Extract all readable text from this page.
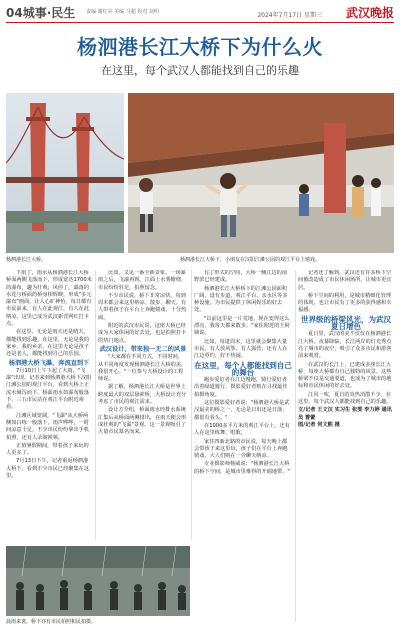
04城事·民生 责编 谢红亮 美编 马超 校对 刘明	2024年7月17日 星期三 武汉晚报
杨泗港长江大桥下为什么火
在这里，每个武汉人都能找到自己的乐趣
杨泗港长江大桥。	杨泗港长江大桥下，小朋友在汉阳江滩公园的观江平台上嬉戏。

下雨了，雨水从杨泗港长江大桥桥面两侧飞落而下，形成宽达1700米的瀑布，趣为壮观；风停了，瀑落的水花与桥面的桥身相辉映，形成"多元瀑布"画面，让人心旷神怡。每日都有市民前来，有人在此观江，有人在此纳凉，这里已成为武汉新晋网红打卡点。

在这里，无论是雨天还是晴天，都能找到乐趣。在这里，无论是我的家乡，我的乡亲，在这里无论是孩子还是老人，都能找到自己的乐园。

杨泗港大桥飞瀑，奔流直到下

7月10日上午下起了大雨，"飞瀑"出现。记者来到杨泗港大桥下汉阳江滩公园的观江平台，看到大桥上正流水倾泻而下，桥面雨水如瀑布般落下，三五市民站在观江平台附近观看。

江滩区域宽阔，"飞瀑"从大桥两侧如白练一般落下，雨声哗哗，一时间凉意十足。不少市民纷纷拿出手机拍照，还有人录制视频。

正值暑假期间，带着孩子来玩的人更多了。

7月13日下午，记者重返杨泗港大桥下，看到不少市民已经聚集在这里。

比如，又见一番全新景象。一场暴雨之后，飞瀑再现。江面上水雾缭绕，市民纷纷驻足，拍照留念。

不少市民说，桥下非常凉快，每到周末都会来这里纳凉、散步、聊天。有人带着孩子在平台上奔跑嬉戏，十分热闹。

附近的武汉市民说，这座大桥已经成为大家休闲的好去处，也是拍照打卡的热门地点。

武汉设计，带来独一无二的风景

"大家都在不同方式，不同时间，从不同角度发现杨泗港长江大桥的美，我很开心。"一位参与大桥设计的工程师说。

据了解，杨泗港长江大桥是世界上跨度最大的双层悬索桥，大桥设计充分考虑了市民的观江需求。

设计方介绍，桥面雨水经排水系统汇集后从桥面两侧排出，在雨天便会形成壮观的"飞瀑"景观。这一景观吸引了大量市民慕名而来。

有了形式的空间，大桥一侧江边的南野滨已经建成。

杨泗港长江大桥桥下的江滩公园面积广阔，设有步道、观江平台、亲水区等多种设施，为市民提供了休闲娱乐的好去处。

"以前这里是一片荒地，现在变得这么漂亮，我每天都来散步。"家住附近的王阿姨说。

比如，每逢周末，这里就会聚集大量市民，有人放风筝，有人露营，还有人在江边垂钓，好不热闹。

在这里，每个人都能找到自己的舞台

跑步爱好者在江边慢跑，骑行爱好者沿着绿道骑行，摄影爱好者则在寻找最佳拍摄角度。

这位摄影爱好者说："杨泗港大桥是武汉最美的桥之一，无论是日出还是日落，都很有看头。"

在1000多平方米的观江平台上，还有人在这里练舞、唱歌。

家住四新北路的市民说，每天晚上都会带孩子来这里玩，孩子们在平台上奔跑嬉戏，大人们则在一旁聊天纳凉。

专业摄影师杨威说："杨泗港长江大桥的桥下空间，是城市里难得的开阔地带。"

记者还了解到，武汉还有许多桥下空间被改造成了市民休闲场所，让城市更宜居。

桥下空间的利用，是城市精细化管理的体现，也让市民有了更多的获得感和幸福感。

世界级的桥梁风光，为武汉夏日增色

夏日里，武汉的美不仅仅在杨泗港长江大桥。夜幕降临，长江两岸的灯光秀点亮了城市的夜空，吸引了众多市民和游客前来观赏。

在武汉的长江上，已建成多座长江大桥，每座大桥都有自己独特的风景。这些桥梁不仅是交通要道，也成为了城市的地标和市民休闲的好去处。

江风一吹，夏日的炎热消散不少。在这里，每个武汉人都能找到自己的乐趣。

文/记者 王文汉 实习生 张雯 李力婷 通讯员 曹蕾
图/记者 何文熙 摄

晨雨来袭，桥下亦有市民拍照和民拍摄。
